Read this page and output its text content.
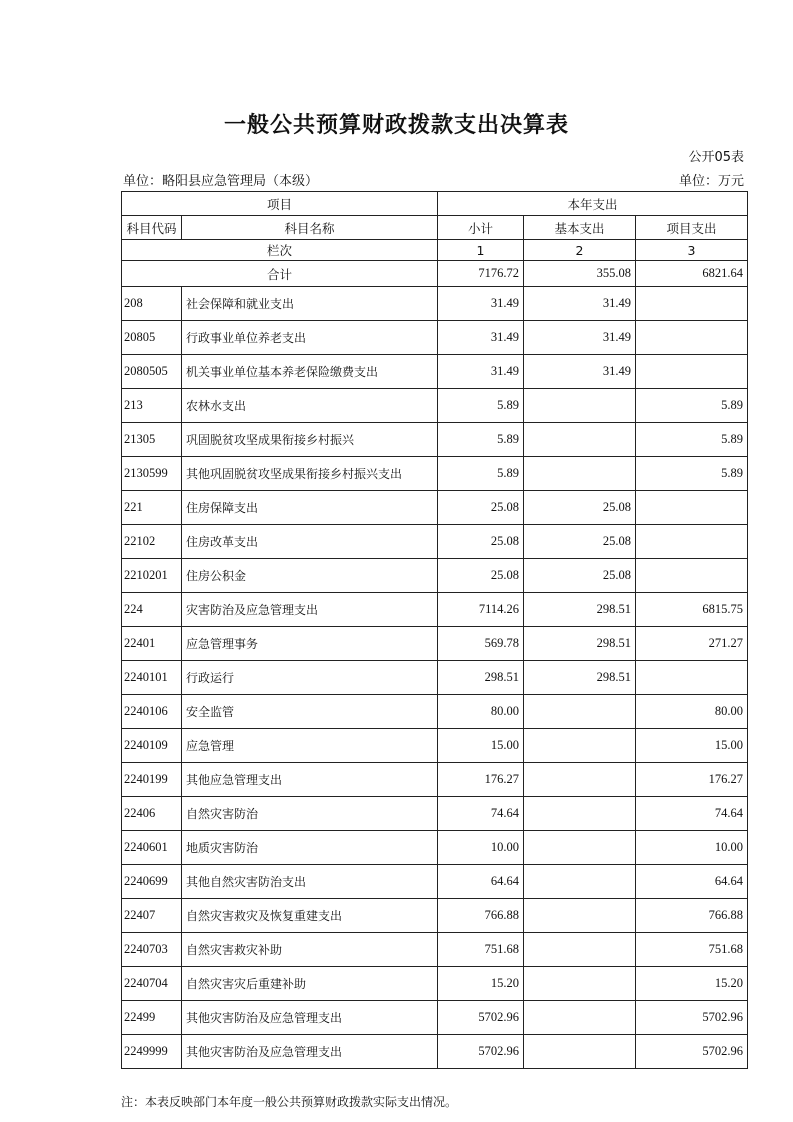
一般公共预算财政拨款支出决算表
公开05表
单位：略阳县应急管理局（本级）	单位：万元
项目		本年支出		
科目代码	科目名称	小计	基本支出	项目支出
栏次		1	2	3
合计		7176.72	355.08	6821.64
208	社会保障和就业支出	31.49	31.49	
20805	行政事业单位养老支出	31.49	31.49	
2080505	机关事业单位基本养老保险缴费支出	31.49	31.49	
213	农林水支出	5.89		5.89
21305	巩固脱贫攻坚成果衔接乡村振兴	5.89		5.89
2130599	其他巩固脱贫攻坚成果衔接乡村振兴支出	5.89		5.89
221	住房保障支出	25.08	25.08	
22102	住房改革支出	25.08	25.08	
2210201	住房公积金	25.08	25.08	
224	灾害防治及应急管理支出	7114.26	298.51	6815.75
22401	应急管理事务	569.78	298.51	271.27
2240101	行政运行	298.51	298.51	
2240106	安全监管	80.00		80.00
2240109	应急管理	15.00		15.00
2240199	其他应急管理支出	176.27		176.27
22406	自然灾害防治	74.64		74.64
2240601	地质灾害防治	10.00		10.00
2240699	其他自然灾害防治支出	64.64		64.64
22407	自然灾害救灾及恢复重建支出	766.88		766.88
2240703	自然灾害救灾补助	751.68		751.68
2240704	自然灾害灾后重建补助	15.20		15.20
22499	其他灾害防治及应急管理支出	5702.96		5702.96
2249999	其他灾害防治及应急管理支出	5702.96		5702.96
注：本表反映部门本年度一般公共预算财政拨款实际支出情况。
